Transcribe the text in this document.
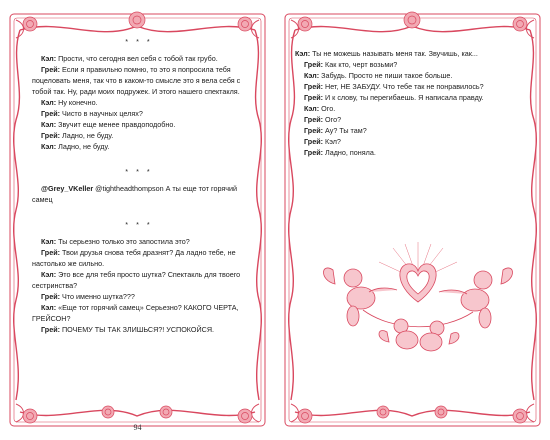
* * *

Кэл: Прости, что сегодня вел себя с тобой так грубо.

Грей: Если я правильно помню, то это я попросила тебя поцеловать меня, так что в каком-то смысле это я вела себя с тобой так. Ну, ради моих подружек. И этого нашего спектакля.

Кэл: Ну конечно.

Грей: Чисто в научных целях?

Кэл: Звучит еще менее правдоподобно.

Грей: Ладно, не буду.

Кэл: Ладно, не буду.

* * *

@Grey_VKeller @tightheadthompson А ты еще тот горячий самец

* * *

Кэл: Ты серьезно только это запостила это?

Грей: Твои друзья снова тебя дразнят? Да ладно тебе, не настолько же сильно.

Кэл: Это все для тебя просто шутка? Спектакль для твоего сестринства?

Грей: Что именно шутка???

Кэл: «Еще тот горячий самец» Серьезно? КАКОГО ЧЕРТА, ГРЕЙСОН?

Грей: ПОЧЕМУ ТЫ ТАК ЗЛИШЬСЯ?! УСПОКОЙСЯ.

94

Кэл: Ты не можешь называть меня так. Звучишь, как...

Грей: Как кто, черт возьми?

Кэл: Забудь. Просто не пиши такое больше.

Грей: Нет, НЕ ЗАБУДУ. Что тебе так не понравилось?

Грей: И к слову, ты перегибаешь. Я написала правду.

Кэл: Ого.

Грей: Ого?

Грей: Ау? Ты там?

Грей: Кэл?

Грей: Ладно, поняла.
